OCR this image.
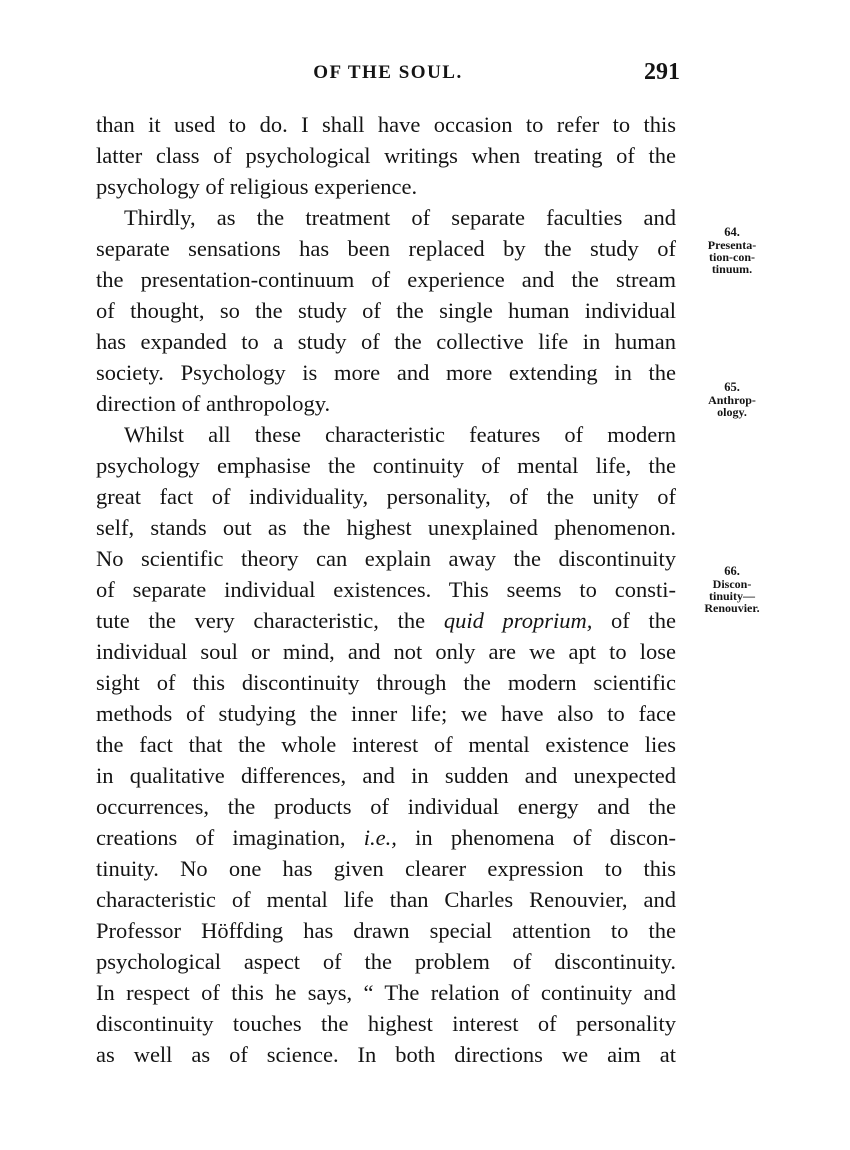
OF THE SOUL.	291
than it used to do. I shall have occasion to refer to this
latter class of psychological writings when treating of the
psychology of religious experience.
Thirdly, as the treatment of separate faculties and
separate sensations has been replaced by the study of
the presentation-continuum of experience and the stream
of thought, so the study of the single human individual
has expanded to a study of the collective life in human
society. Psychology is more and more extending in the
direction of anthropology.
Whilst all these characteristic features of modern
psychology emphasise the continuity of mental life, the
great fact of individuality, personality, of the unity of
self, stands out as the highest unexplained phenomenon.
No scientific theory can explain away the discontinuity
of separate individual existences. This seems to consti-
tute the very characteristic, the quid proprium, of the
individual soul or mind, and not only are we apt to lose
sight of this discontinuity through the modern scientific
methods of studying the inner life; we have also to face
the fact that the whole interest of mental existence lies
in qualitative differences, and in sudden and unexpected
occurrences, the products of individual energy and the
creations of imagination, i.e., in phenomena of discon-
tinuity. No one has given clearer expression to this
characteristic of mental life than Charles Renouvier, and
Professor Höffding has drawn special attention to the
psychological aspect of the problem of discontinuity.
In respect of this he says, “ The relation of continuity and
discontinuity touches the highest interest of personality
as well as of science. In both directions we aim at
64.
Presenta-
tion-con-
tinuum.
65.
Anthrop-
ology.
66.
Discon-
tinuity—
Renouvier.
